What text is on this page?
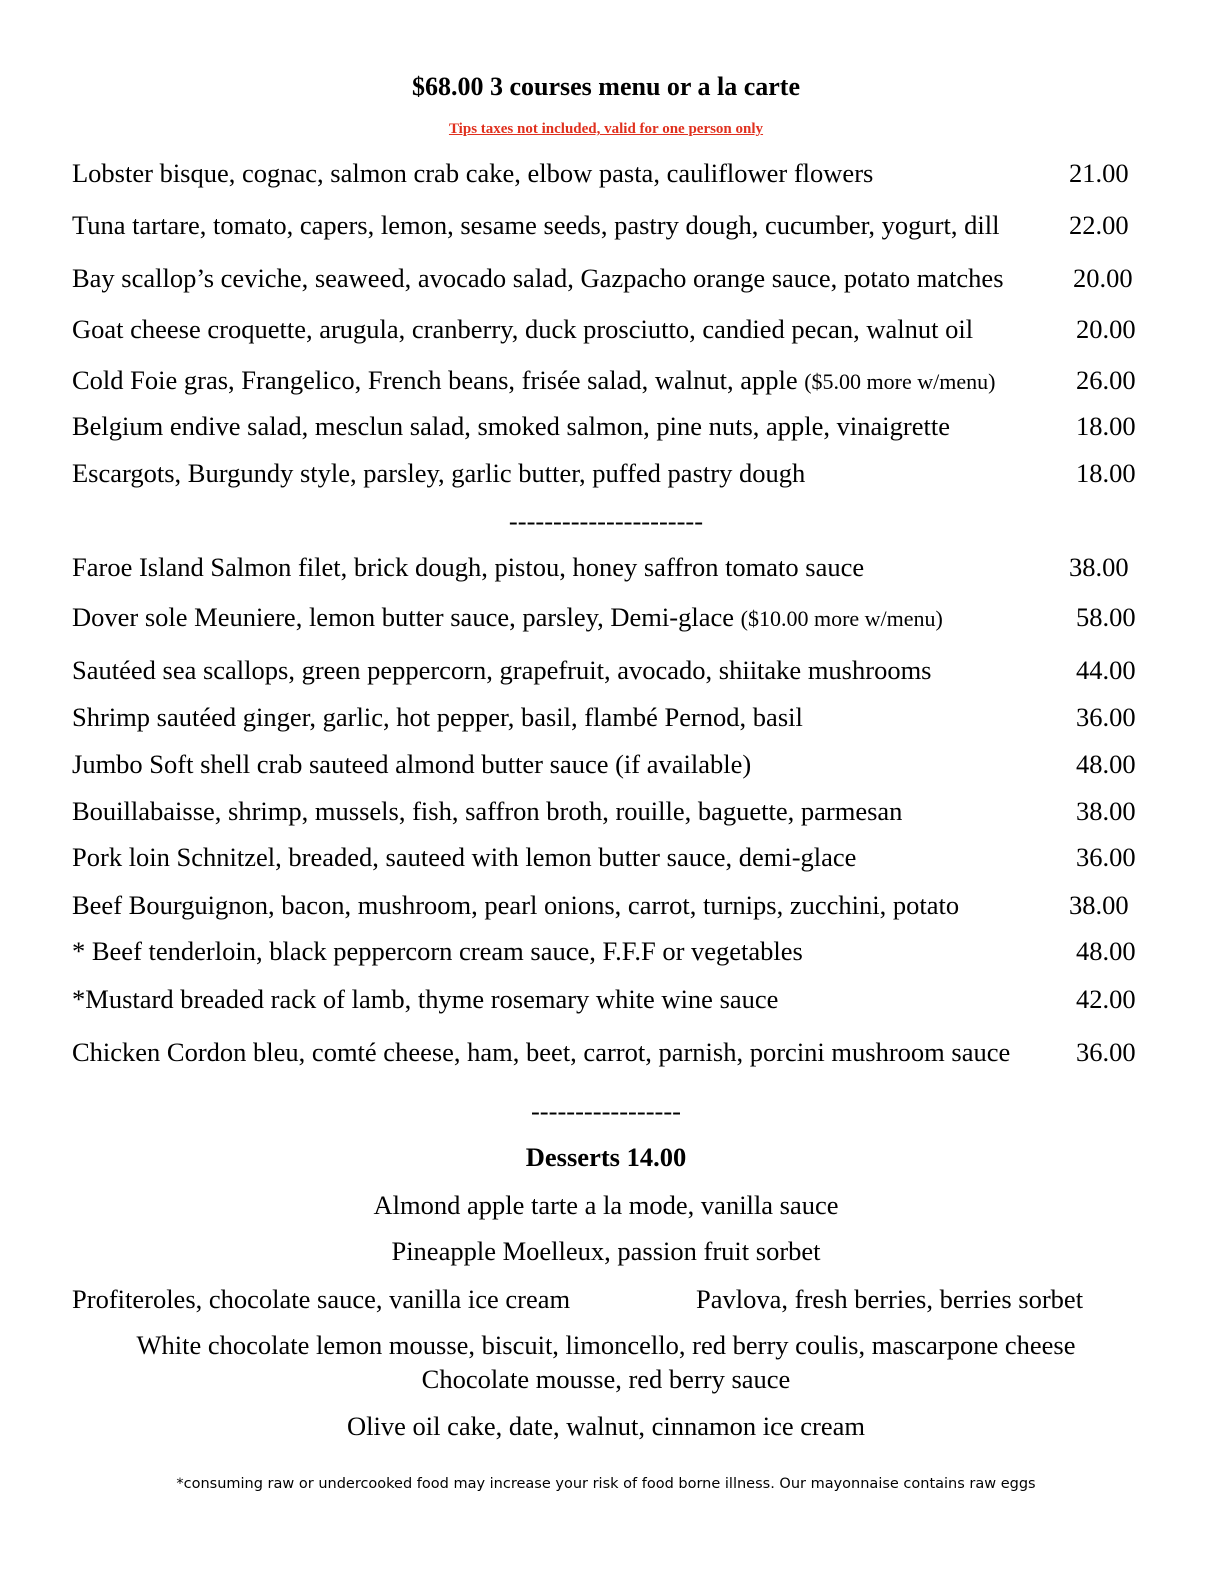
$68.00 3 courses menu or a la carte
Tips taxes not included, valid for one person only
Lobster bisque, cognac, salmon crab cake, elbow pasta, cauliflower flowers	21.00
Tuna tartare, tomato, capers, lemon, sesame seeds, pastry dough, cucumber, yogurt, dill	22.00
Bay scallop’s ceviche, seaweed, avocado salad, Gazpacho orange sauce, potato matches	20.00
Goat cheese croquette, arugula, cranberry, duck prosciutto, candied pecan, walnut oil	20.00
Cold Foie gras, Frangelico, French beans, frisée salad, walnut, apple ($5.00 more w/menu)	26.00
Belgium endive salad, mesclun salad, smoked salmon, pine nuts, apple, vinaigrette	18.00
Escargots, Burgundy style, parsley, garlic butter, puffed pastry dough	18.00
----------------------
Faroe Island Salmon filet, brick dough, pistou, honey saffron tomato sauce	38.00
Dover sole Meuniere, lemon butter sauce, parsley, Demi-glace ($10.00 more w/menu)	58.00
Sautéed sea scallops, green peppercorn, grapefruit, avocado, shiitake mushrooms	44.00
Shrimp sautéed ginger, garlic, hot pepper, basil, flambé Pernod, basil	36.00
Jumbo Soft shell crab sauteed almond butter sauce (if available)	48.00
Bouillabaisse, shrimp, mussels, fish, saffron broth, rouille, baguette, parmesan	38.00
Pork loin Schnitzel, breaded, sauteed with lemon butter sauce, demi-glace	36.00
Beef Bourguignon, bacon, mushroom, pearl onions, carrot, turnips, zucchini, potato	38.00
* Beef tenderloin, black peppercorn cream sauce, F.F.F or vegetables	48.00
*Mustard breaded rack of lamb, thyme rosemary white wine sauce	42.00
Chicken Cordon bleu, comté cheese, ham, beet, carrot, parnish, porcini mushroom sauce 36.00
-----------------
Desserts 14.00
Almond apple tarte a la mode, vanilla sauce
Pineapple Moelleux, passion fruit sorbet
Profiteroles, chocolate sauce, vanilla ice cream	Pavlova, fresh berries, berries sorbet
White chocolate lemon mousse, biscuit, limoncello, red berry coulis, mascarpone cheese
Chocolate mousse, red berry sauce
Olive oil cake, date, walnut, cinnamon ice cream
*consuming raw or undercooked food may increase your risk of food borne illness. Our mayonnaise contains raw eggs
